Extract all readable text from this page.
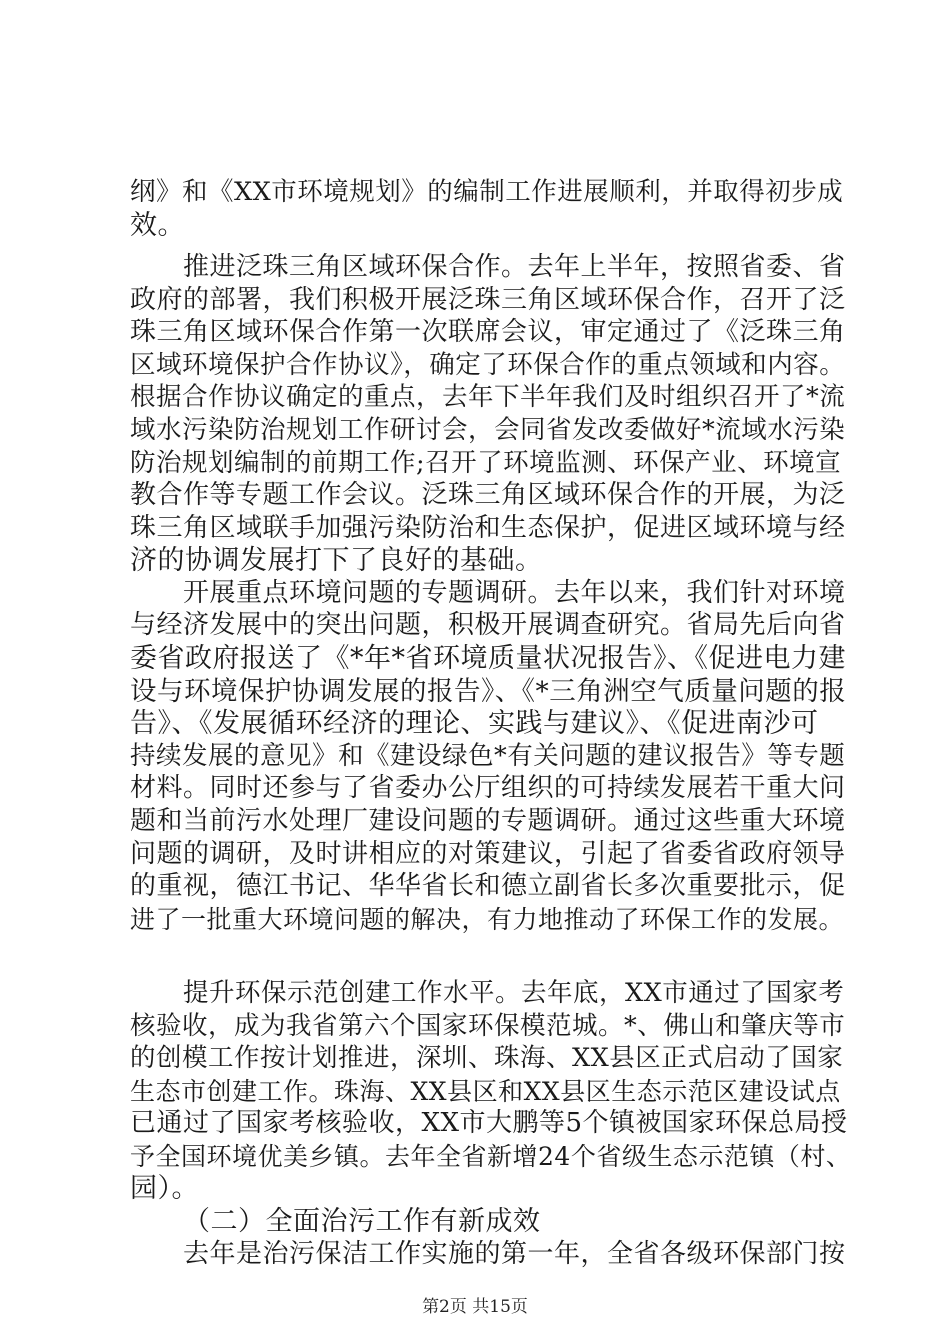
纲》和《XX市环境规划》的编制工作进展顺利，并取得初步成
效。
推进泛珠三角区域环保合作。去年上半年，按照省委、省
政府的部署，我们积极开展泛珠三角区域环保合作，召开了泛
珠三角区域环保合作第一次联席会议，审定通过了《泛珠三角
区域环境保护合作协议》，确定了环保合作的重点领域和内容。
根据合作协议确定的重点，去年下半年我们及时组织召开了*流
域水污染防治规划工作研讨会，会同省发改委做好*流域水污染
防治规划编制的前期工作;召开了环境监测、环保产业、环境宣
教合作等专题工作会议。泛珠三角区域环保合作的开展，为泛
珠三角区域联手加强污染防治和生态保护，促进区域环境与经
济的协调发展打下了良好的基础。
开展重点环境问题的专题调研。去年以来，我们针对环境
与经济发展中的突出问题，积极开展调查研究。省局先后向省
委省政府报送了《*年*省环境质量状况报告》、《促进电力建
设与环境保护协调发展的报告》、《*三角洲空气质量问题的报
告》、《发展循环经济的理论、实践与建议》、《促进南沙可
持续发展的意见》和《建设绿色*有关问题的建议报告》等专题
材料。同时还参与了省委办公厅组织的可持续发展若干重大问
题和当前污水处理厂建设问题的专题调研。通过这些重大环境
问题的调研，及时讲相应的对策建议，引起了省委省政府领导
的重视，德江书记、华华省长和德立副省长多次重要批示，促
进了一批重大环境问题的解决，有力地推动了环保工作的发展。
提升环保示范创建工作水平。去年底，XX市通过了国家考
核验收，成为我省第六个国家环保模范城。*、佛山和肇庆等市
的创模工作按计划推进，深圳、珠海、XX县区正式启动了国家
生态市创建工作。珠海、XX县区和XX县区生态示范区建设试点
已通过了国家考核验收，XX市大鹏等5个镇被国家环保总局授
予全国环境优美乡镇。去年全省新增24个省级生态示范镇（村、
园）。
（二）全面治污工作有新成效
去年是治污保洁工作实施的第一年，全省各级环保部门按
第2页 共15页
